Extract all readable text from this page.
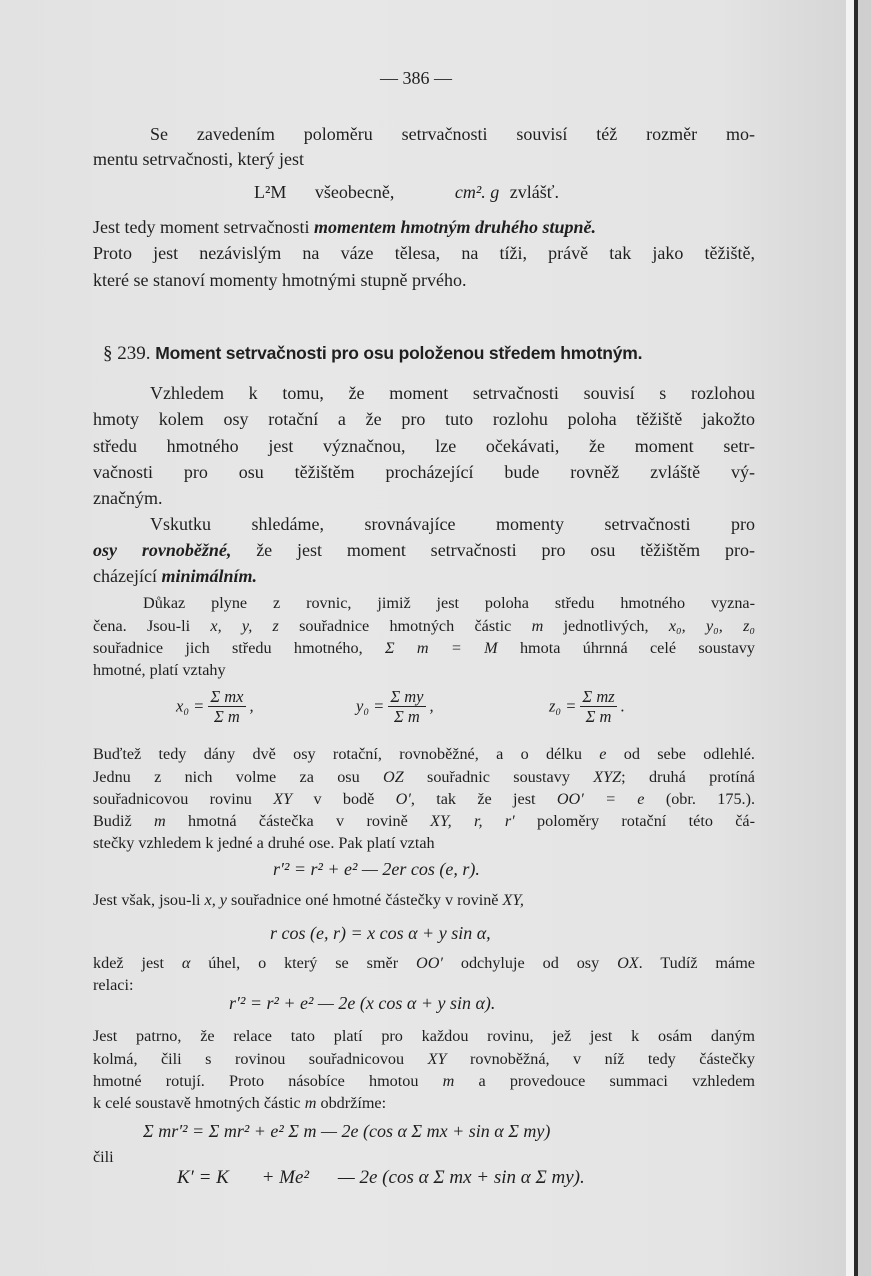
— 386 —
Se zavedením poloměru setrvačnosti souvisí též rozměr mo-
mentu setrvačnosti, který jest
L²M všeobecně,	cm². g zvlášť.
Jest tedy moment setrvačnosti momentem hmotným druhého stupně.
Proto jest nezávislým na váze tělesa, na tíži, právě tak jako těžiště,
které se stanoví momenty hmotnými stupně prvého.
§ 239. Moment setrvačnosti pro osu položenou středem hmotným.
Vzhledem k tomu, že moment setrvačnosti souvisí s rozlohou
hmoty kolem osy rotační a že pro tuto rozlohu poloha těžiště jakožto
středu hmotného jest význačnou, lze očekávati, že moment setr-
vačnosti pro osu těžištěm procházející bude rovněž zvláště vý-
značným.
Vskutku shledáme, srovnávajíce momenty setrvačnosti pro
osy rovnoběžné, že jest moment setrvačnosti pro osu těžištěm pro-
cházející minimálním.
Důkaz plyne z rovnic, jimiž jest poloha středu hmotného vyzna-
čena. Jsou-li x, y, z souřadnice hmotných částic m jednotlivých, x₀, y₀, z₀
souřadnice jich středu hmotného, Σ m = M hmota úhrnná celé soustavy
hmotné, platí vztahy
$x_0 = \frac{\text{Σ mx}}{\text{Σ m}}$ ,	$y_0 = \frac{\text{Σ my}}{\text{Σ m}}$ ,	$z_0 = \frac{\text{Σ mz}}{\text{Σ m}}$ .
Buďtež tedy dány dvě osy rotační, rovnoběžné, a o délku e od sebe odlehlé.
Jednu z nich volme za osu OZ souřadnic soustavy XYZ; druhá protíná
souřadnicovou rovinu XY v bodě O′, tak že jest OO′ = e (obr. 175.).
Budiž m hmotná částečka v rovině XY, r, r′ poloměry rotační této čá-
stečky vzhledem k jedné a druhé ose. Pak platí vztah
r′² = r² + e² — 2er cos (e, r).
Jest však, jsou-li x, y souřadnice oné hmotné částečky v rovině XY,
r cos (e, r) = x cos α + y sin α,
kdež jest α úhel, o který se směr OO′ odchyluje od osy OX. Tudíž máme
relaci:
r′² = r² + e² — 2e (x cos α + y sin α).
Jest patrno, že relace tato platí pro každou rovinu, jež jest k osám daným
kolmá, čili s rovinou souřadnicovou XY rovnoběžná, v níž tedy částečky
hmotné rotují. Proto násobíce hmotou m a provedouce summaci vzhledem
k celé soustavě hmotných částic m obdržíme:
Σ mr′² = Σ mr² + e² Σ m — 2e (cos α Σ mx + sin α Σ my)
čili
K′ = K + Me² — 2e (cos α Σ mx + sin α Σ my).
